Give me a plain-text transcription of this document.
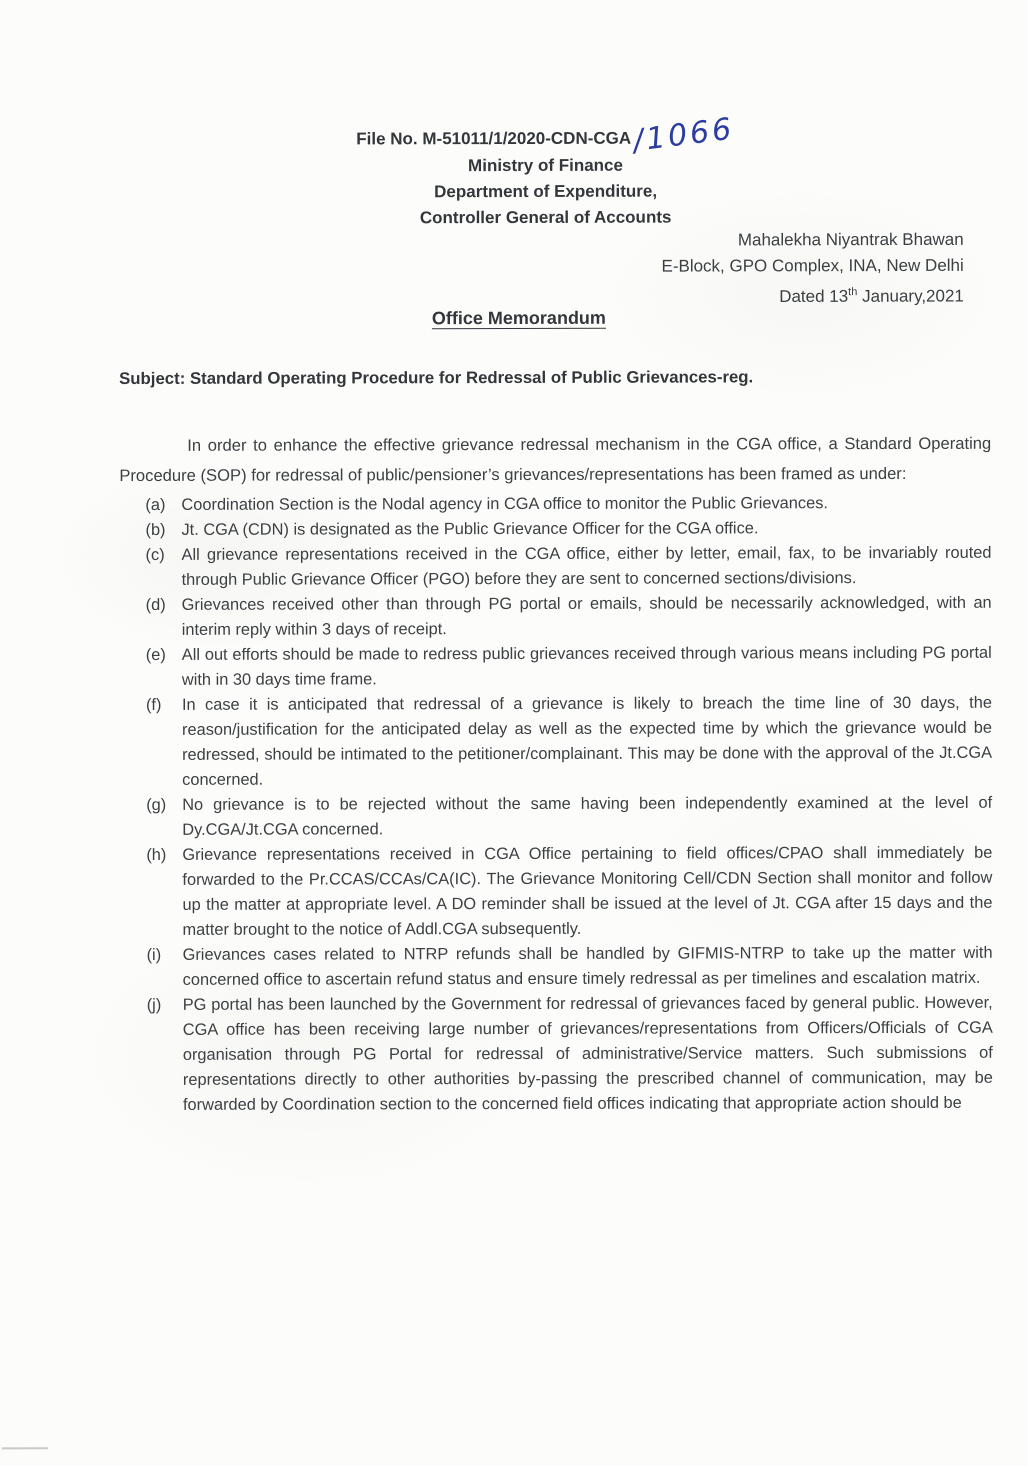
File No. M-51011/1/2020-CDN-CGA/1066
Ministry of Finance
Department of Expenditure,
Controller General of Accounts
Mahalekha Niyantrak Bhawan
E-Block, GPO Complex, INA, New Delhi
Dated 13th January,2021
Office Memorandum
Subject: Standard Operating Procedure for Redressal of Public Grievances-reg.

In order to enhance the effective grievance redressal mechanism in the CGA office, a Standard Operating Procedure (SOP) for redressal of public/pensioner’s grievances/representations has been framed as under:

(a) Coordination Section is the Nodal agency in CGA office to monitor the Public Grievances.
(b) Jt. CGA (CDN) is designated as the Public Grievance Officer for the CGA office.
(c) All grievance representations received in the CGA office, either by letter, email, fax, to be invariably routed through Public Grievance Officer (PGO) before they are sent to concerned sections/divisions.
(d) Grievances received other than through PG portal or emails, should be necessarily acknowledged, with an interim reply within 3 days of receipt.
(e) All out efforts should be made to redress public grievances received through various means including PG portal with in 30 days time frame.
(f) In case it is anticipated that redressal of a grievance is likely to breach the time line of 30 days, the reason/justification for the anticipated delay as well as the expected time by which the grievance would be redressed, should be intimated to the petitioner/complainant. This may be done with the approval of the Jt.CGA concerned.
(g) No grievance is to be rejected without the same having been independently examined at the level of Dy.CGA/Jt.CGA concerned.
(h) Grievance representations received in CGA Office pertaining to field offices/CPAO shall immediately be forwarded to the Pr.CCAS/CCAs/CA(IC). The Grievance Monitoring Cell/CDN Section shall monitor and follow up the matter at appropriate level. A DO reminder shall be issued at the level of Jt. CGA after 15 days and the matter brought to the notice of Addl.CGA subsequently.
(i) Grievances cases related to NTRP refunds shall be handled by GIFMIS-NTRP to take up the matter with concerned office to ascertain refund status and ensure timely redressal as per timelines and escalation matrix.
(j) PG portal has been launched by the Government for redressal of grievances faced by general public. However, CGA office has been receiving large number of grievances/representations from Officers/Officials of CGA organisation through PG Portal for redressal of administrative/Service matters. Such submissions of representations directly to other authorities by-passing the prescribed channel of communication, may be forwarded by Coordination section to the concerned field offices indicating that appropriate action should be
